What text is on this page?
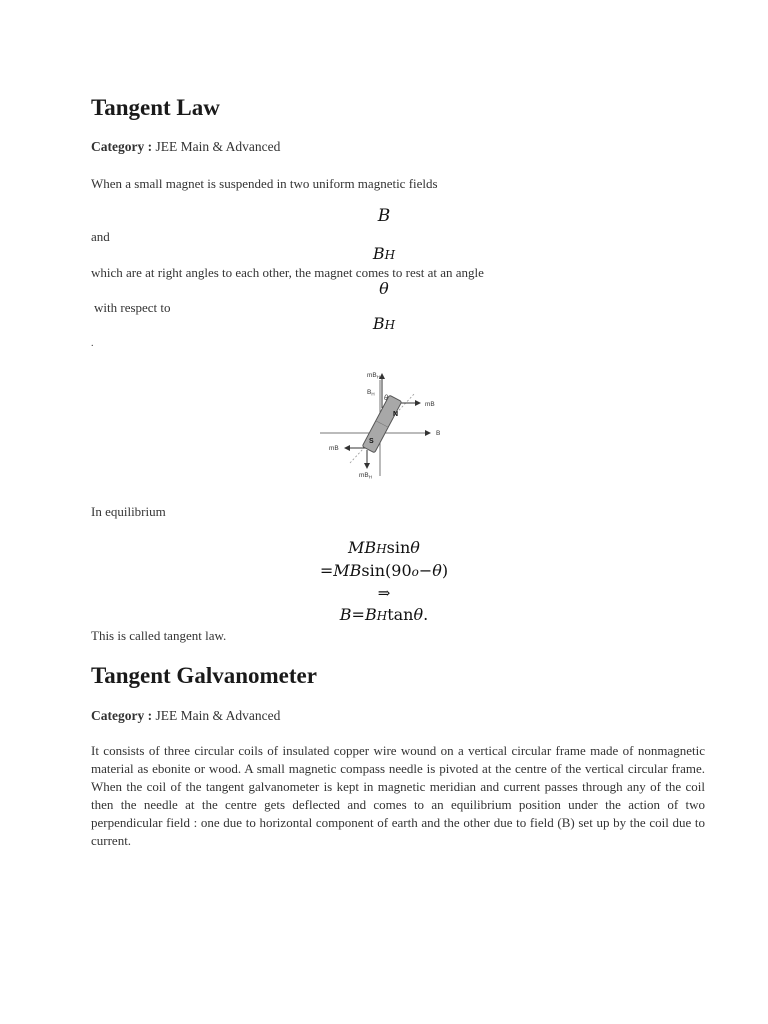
Tangent Law
Category : JEE Main & Advanced
When a small magnet is suspended in two uniform magnetic fields
B
and
BH
which are at right angles to each other, the magnet comes to rest at an angle
θ
with respect to
BH
.
$mB_H$
$B_H$
θ
N
S
mB
B
mB
$mB_H$
In equilibrium
MBHsinθ
=MBsin(90o−θ)
⇒
B=BHtanθ.
This is called tangent law.
Tangent Galvanometer
Category : JEE Main & Advanced
It consists of three circular coils of insulated copper wire wound on a vertical circular frame made of nonmagnetic material as ebonite or wood. A small magnetic compass needle is pivoted at the centre of the vertical circular frame. When the coil of the tangent galvanometer is kept in magnetic meridian and current passes through any of the coil then the needle at the centre gets deflected and comes to an equilibrium position under the action of two perpendicular field : one due to horizontal component of earth and the other due to field (B) set up by the coil due to current.
